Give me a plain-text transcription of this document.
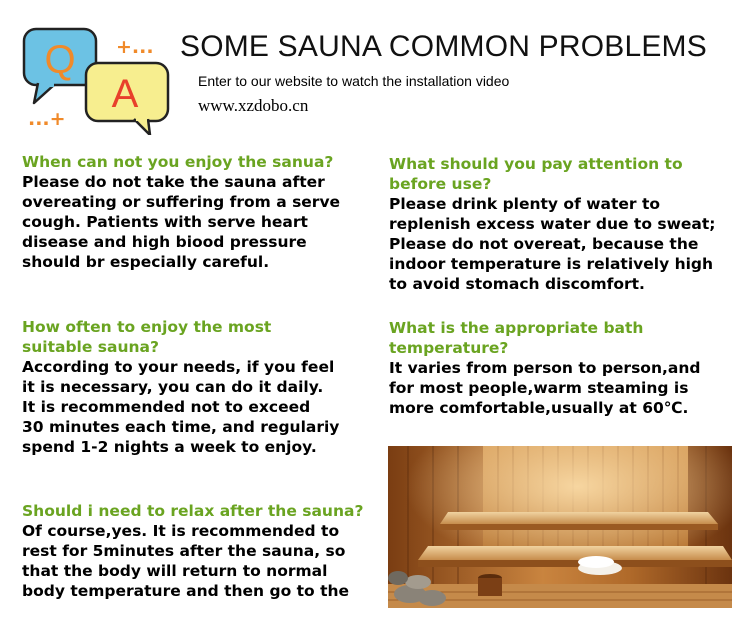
Q
A
+...
...+
SOME SAUNA COMMON PROBLEMS
Enter to our website to watch the installation video
www.xzdobo.cn

When can not you enjoy the sanua?

Please do not take the sauna after
overeating or suffering from a serve
cough. Patients with serve heart
disease and high biood pressure
should br especially careful.

How often to enjoy the most
suitable sauna?

According to your needs, if you feel
it is necessary, you can do it daily.
It is recommended not to exceed
30 minutes each time, and regulariy
spend 1-2 nights a week to enjoy.

Should i need to relax after the sauna?

Of course,yes. It is recommended to
rest for 5minutes after the sauna, so
that the body will return to normal
body temperature and then go to the

What should you pay attention to
before use?

Please drink plenty of water to
replenish excess water due to sweat;
Please do not overeat, because the
indoor temperature is relatively high
to avoid stomach discomfort.

What is the appropriate bath
temperature?

It varies from person to person,and
for most people,warm steaming is
more comfortable,usually at 60℃.
